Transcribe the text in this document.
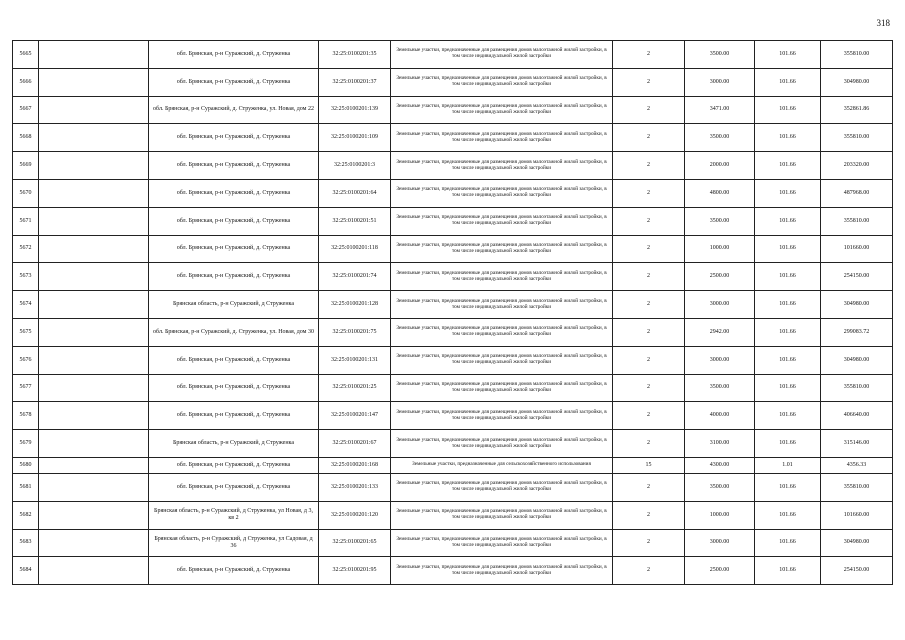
318
5665		обл. Брянская, р-н Суражский, д. Струженка	32:25:0100201:35	Земельные участки, предназначенные для размещения домов малоэтажной жилой застройки, в том числе индивидуальной жилой застройки	2	3500.00	101.66	355810.00
5666		обл. Брянская, р-н Суражский, д. Струженка	32:25:0100201:37	Земельные участки, предназначенные для размещения домов малоэтажной жилой застройки, в том числе индивидуальной жилой застройки	2	3000.00	101.66	304980.00
5667		обл. Брянская, р-н Суражский, д. Струженка, ул. Новая, дом 22	32:25:0100201:139	Земельные участки, предназначенные для размещения домов малоэтажной жилой застройки, в том числе индивидуальной жилой застройки	2	3471.00	101.66	352861.86
5668		обл. Брянская, р-н Суражский, д. Струженка	32:25:0100201:109	Земельные участки, предназначенные для размещения домов малоэтажной жилой застройки, в том числе индивидуальной жилой застройки	2	3500.00	101.66	355810.00
5669		обл. Брянская, р-н Суражский, д. Струженка	32:25:0100201:3	Земельные участки, предназначенные для размещения домов малоэтажной жилой застройки, в том числе индивидуальной жилой застройки	2	2000.00	101.66	203320.00
5670		обл. Брянская, р-н Суражский, д. Струженка	32:25:0100201:64	Земельные участки, предназначенные для размещения домов малоэтажной жилой застройки, в том числе индивидуальной жилой застройки	2	4800.00	101.66	487968.00
5671		обл. Брянская, р-н Суражский, д. Струженка	32:25:0100201:51	Земельные участки, предназначенные для размещения домов малоэтажной жилой застройки, в том числе индивидуальной жилой застройки	2	3500.00	101.66	355810.00
5672		обл. Брянская, р-н Суражский, д. Струженка	32:25:0100201:118	Земельные участки, предназначенные для размещения домов малоэтажной жилой застройки, в том числе индивидуальной жилой застройки	2	1000.00	101.66	101660.00
5673		обл. Брянская, р-н Суражский, д. Струженка	32:25:0100201:74	Земельные участки, предназначенные для размещения домов малоэтажной жилой застройки, в том числе индивидуальной жилой застройки	2	2500.00	101.66	254150.00
5674		Брянская область, р-н Суражский, д Струженка	32:25:0100201:128	Земельные участки, предназначенные для размещения домов малоэтажной жилой застройки, в том числе индивидуальной жилой застройки	2	3000.00	101.66	304980.00
5675		обл. Брянская, р-н Суражский, д. Струженка, ул. Новая, дом 30	32:25:0100201:75	Земельные участки, предназначенные для размещения домов малоэтажной жилой застройки, в том числе индивидуальной жилой застройки	2	2942.00	101.66	299083.72
5676		обл. Брянская, р-н Суражский, д. Струженка	32:25:0100201:131	Земельные участки, предназначенные для размещения домов малоэтажной жилой застройки, в том числе индивидуальной жилой застройки	2	3000.00	101.66	304980.00
5677		обл. Брянская, р-н Суражский, д. Струженка	32:25:0100201:25	Земельные участки, предназначенные для размещения домов малоэтажной жилой застройки, в том числе индивидуальной жилой застройки	2	3500.00	101.66	355810.00
5678		обл. Брянская, р-н Суражский, д. Струженка	32:25:0100201:147	Земельные участки, предназначенные для размещения домов малоэтажной жилой застройки, в том числе индивидуальной жилой застройки	2	4000.00	101.66	406640.00
5679		Брянская область, р-н Суражский, д Струженка	32:25:0100201:67	Земельные участки, предназначенные для размещения домов малоэтажной жилой застройки, в том числе индивидуальной жилой застройки	2	3100.00	101.66	315146.00
5680		обл. Брянская, р-н Суражский, д. Струженка	32:25:0100201:168	Земельные участки, предназначенные для сельскохозяйственного использования	15	4300.00	1.01	4356.33
5681		обл. Брянская, р-н Суражский, д. Струженка	32:25:0100201:133	Земельные участки, предназначенные для размещения домов малоэтажной жилой застройки, в том числе индивидуальной жилой застройки	2	3500.00	101.66	355810.00
5682		Брянская область, р-н Суражский, д Струженка, ул Новая, д 3, кв 2	32:25:0100201:120	Земельные участки, предназначенные для размещения домов малоэтажной жилой застройки, в том числе индивидуальной жилой застройки	2	1000.00	101.66	101660.00
5683		Брянская область, р-н Суражский, д Струженка, ул Садовая, д 36	32:25:0100201:65	Земельные участки, предназначенные для размещения домов малоэтажной жилой застройки, в том числе индивидуальной жилой застройки	2	3000.00	101.66	304980.00
5684		обл. Брянская, р-н Суражский, д. Струженка	32:25:0100201:95	Земельные участки, предназначенные для размещения домов малоэтажной жилой застройки, в том числе индивидуальной жилой застройки	2	2500.00	101.66	254150.00
